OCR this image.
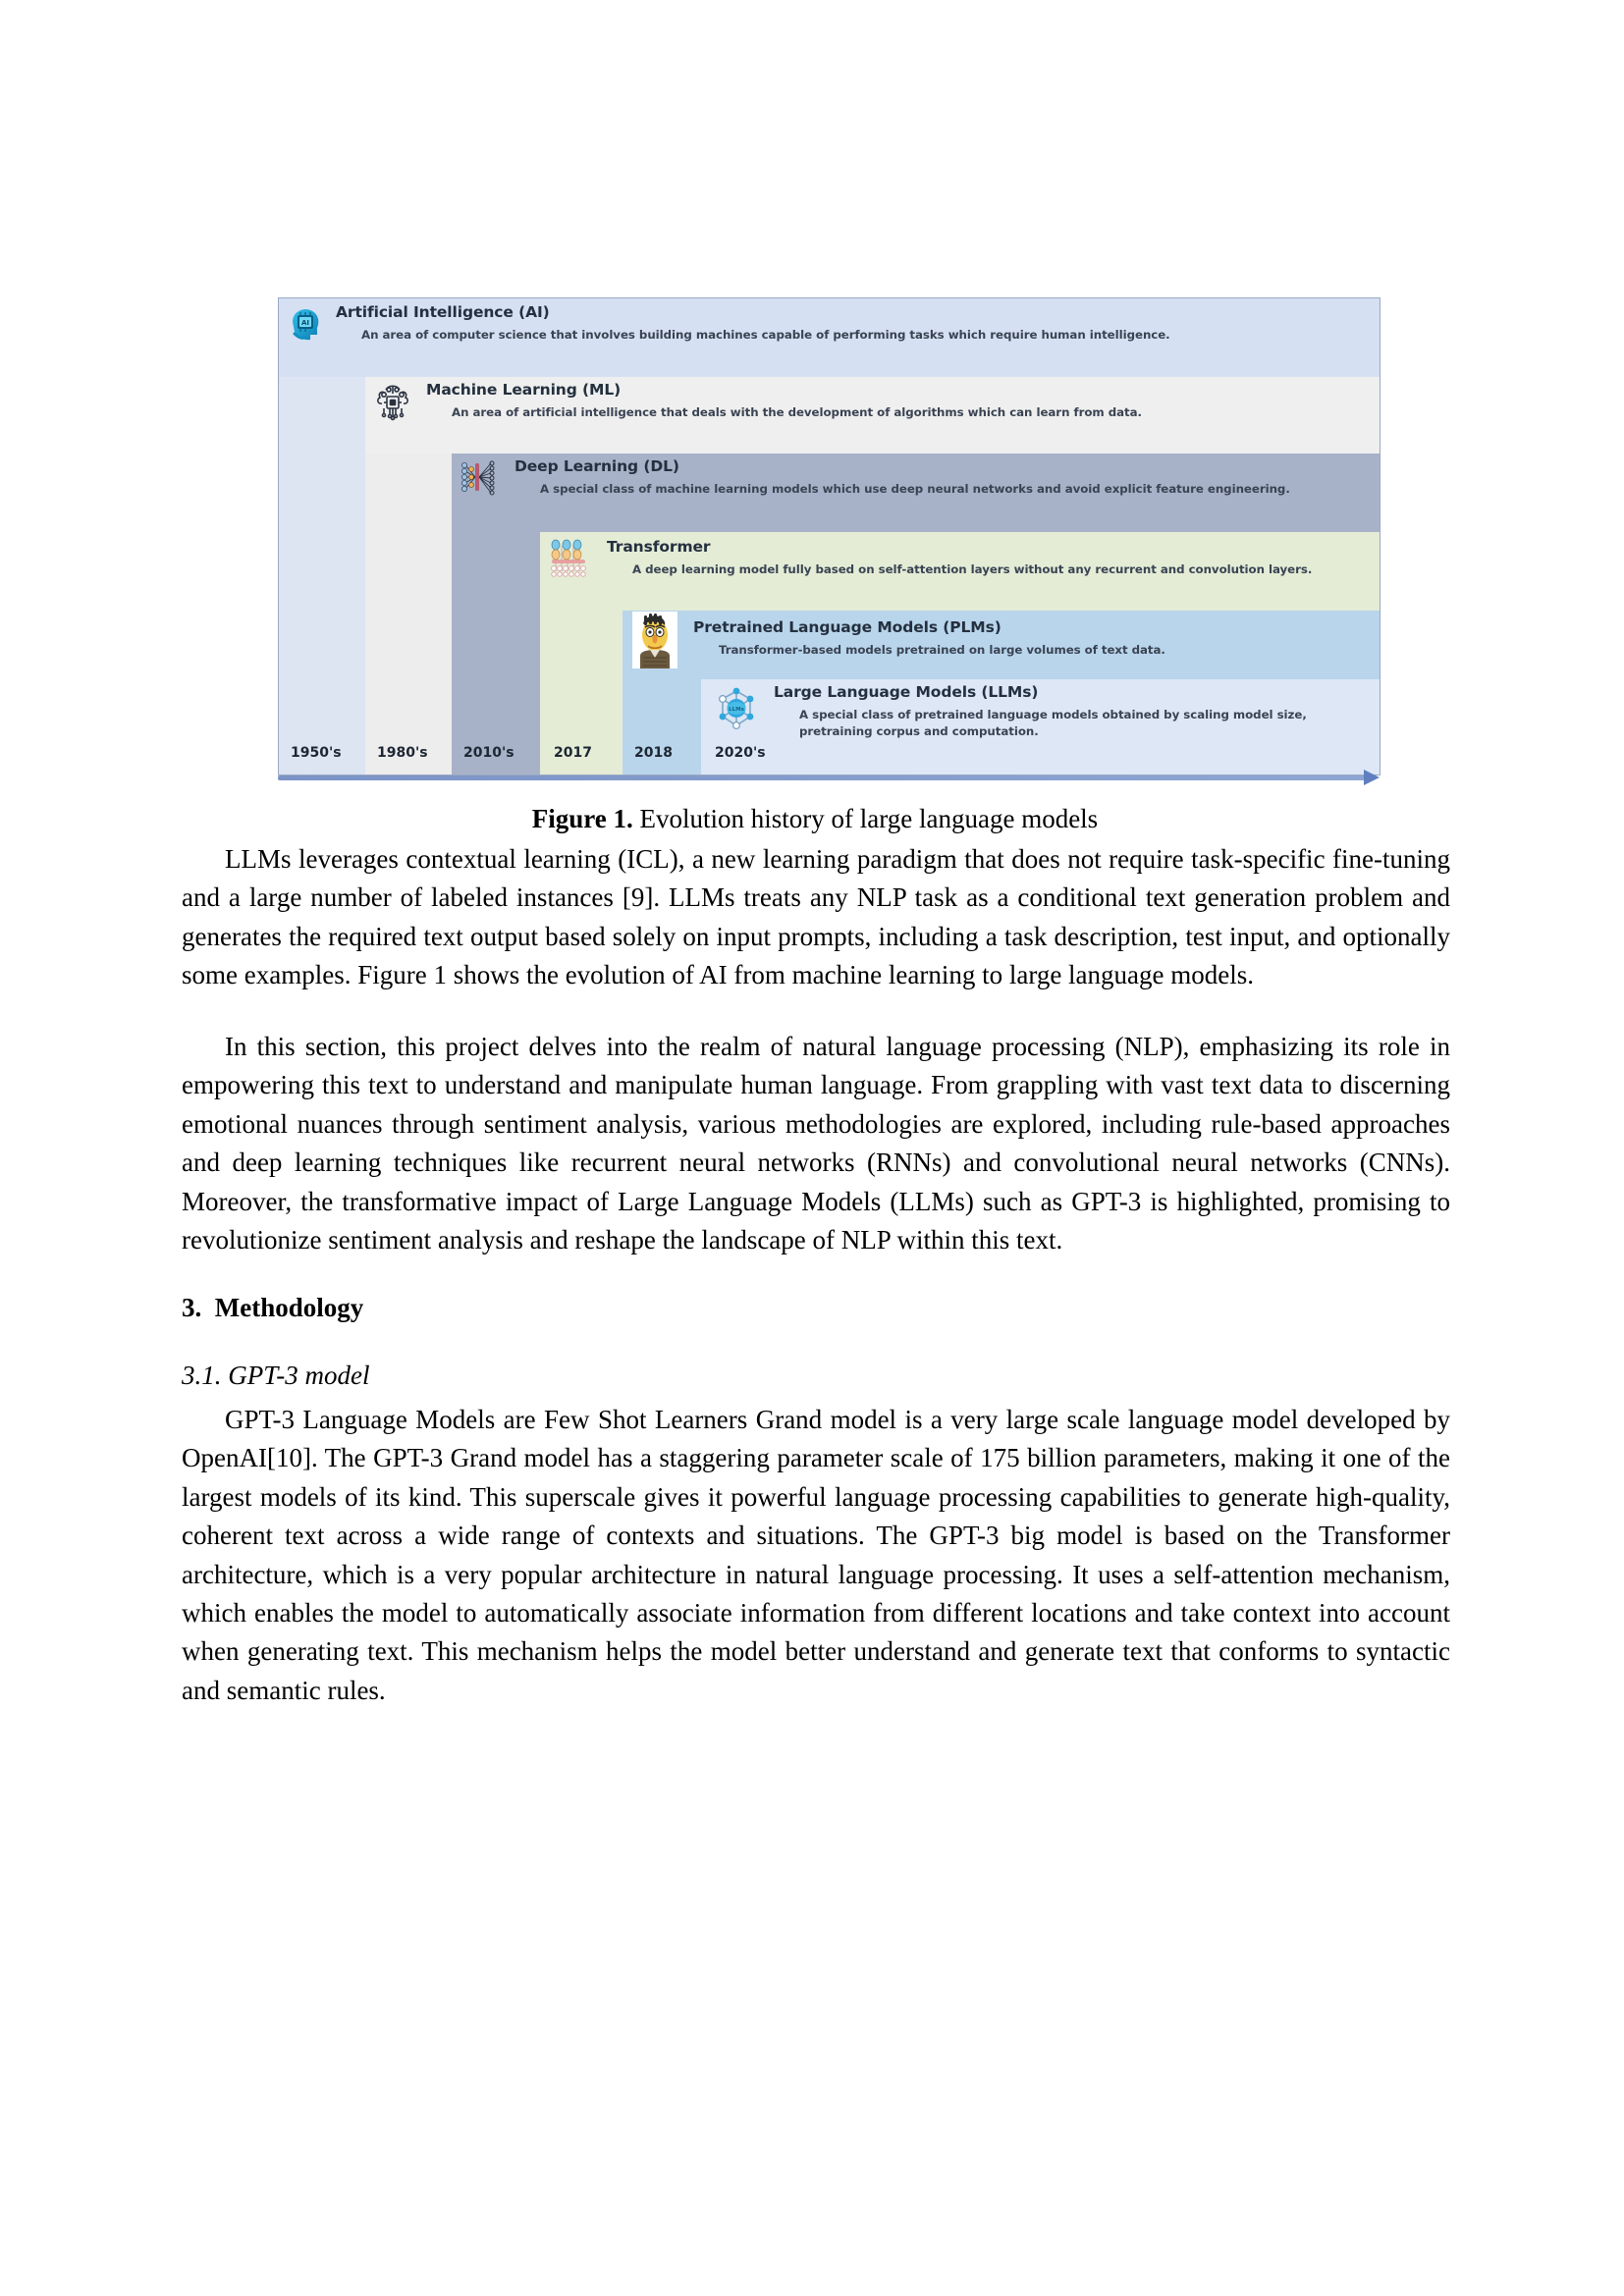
AI
Artificial Intelligence (AI)
An area of computer science that involves building machines capable of performing tasks which require human intelligence.
Machine Learning (ML)
An area of artificial intelligence that deals with the development of algorithms which can learn from data.
Deep Learning (DL)
A special class of machine learning models which use deep neural networks and avoid explicit feature engineering.
Transformer
A deep learning model fully based on self-attention layers without any recurrent and convolution layers.
Pretrained Language Models (PLMs)
Transformer-based models pretrained on large volumes of text data.
LLMs
Large Language Models (LLMs)
A special class of pretrained language models obtained by scaling model size, pretraining corpus and computation.
1950's	1980's	2010's	2017	2018	2020's
Figure 1. Evolution history of large language models

LLMs leverages contextual learning (ICL), a new learning paradigm that does not require task-specific fine-tuning and a large number of labeled instances [9]. LLMs treats any NLP task as a conditional text generation problem and generates the required text output based solely on input prompts, including a task description, test input, and optionally some examples. Figure 1 shows the evolution of AI from machine learning to large language models.

In this section, this project delves into the realm of natural language processing (NLP), emphasizing its role in empowering this text to understand and manipulate human language. From grappling with vast text data to discerning emotional nuances through sentiment analysis, various methodologies are explored, including rule-based approaches and deep learning techniques like recurrent neural networks (RNNs) and convolutional neural networks (CNNs). Moreover, the transformative impact of Large Language Models (LLMs) such as GPT-3 is highlighted, promising to revolutionize sentiment analysis and reshape the landscape of NLP within this text.

3. Methodology
3.1. GPT-3 model

GPT-3 Language Models are Few Shot Learners Grand model is a very large scale language model developed by OpenAI[10]. The GPT-3 Grand model has a staggering parameter scale of 175 billion parameters, making it one of the largest models of its kind. This superscale gives it powerful language processing capabilities to generate high-quality, coherent text across a wide range of contexts and situations. The GPT-3 big model is based on the Transformer architecture, which is a very popular architecture in natural language processing. It uses a self-attention mechanism, which enables the model to automatically associate information from different locations and take context into account when generating text. This mechanism helps the model better understand and generate text that conforms to syntactic and semantic rules.
